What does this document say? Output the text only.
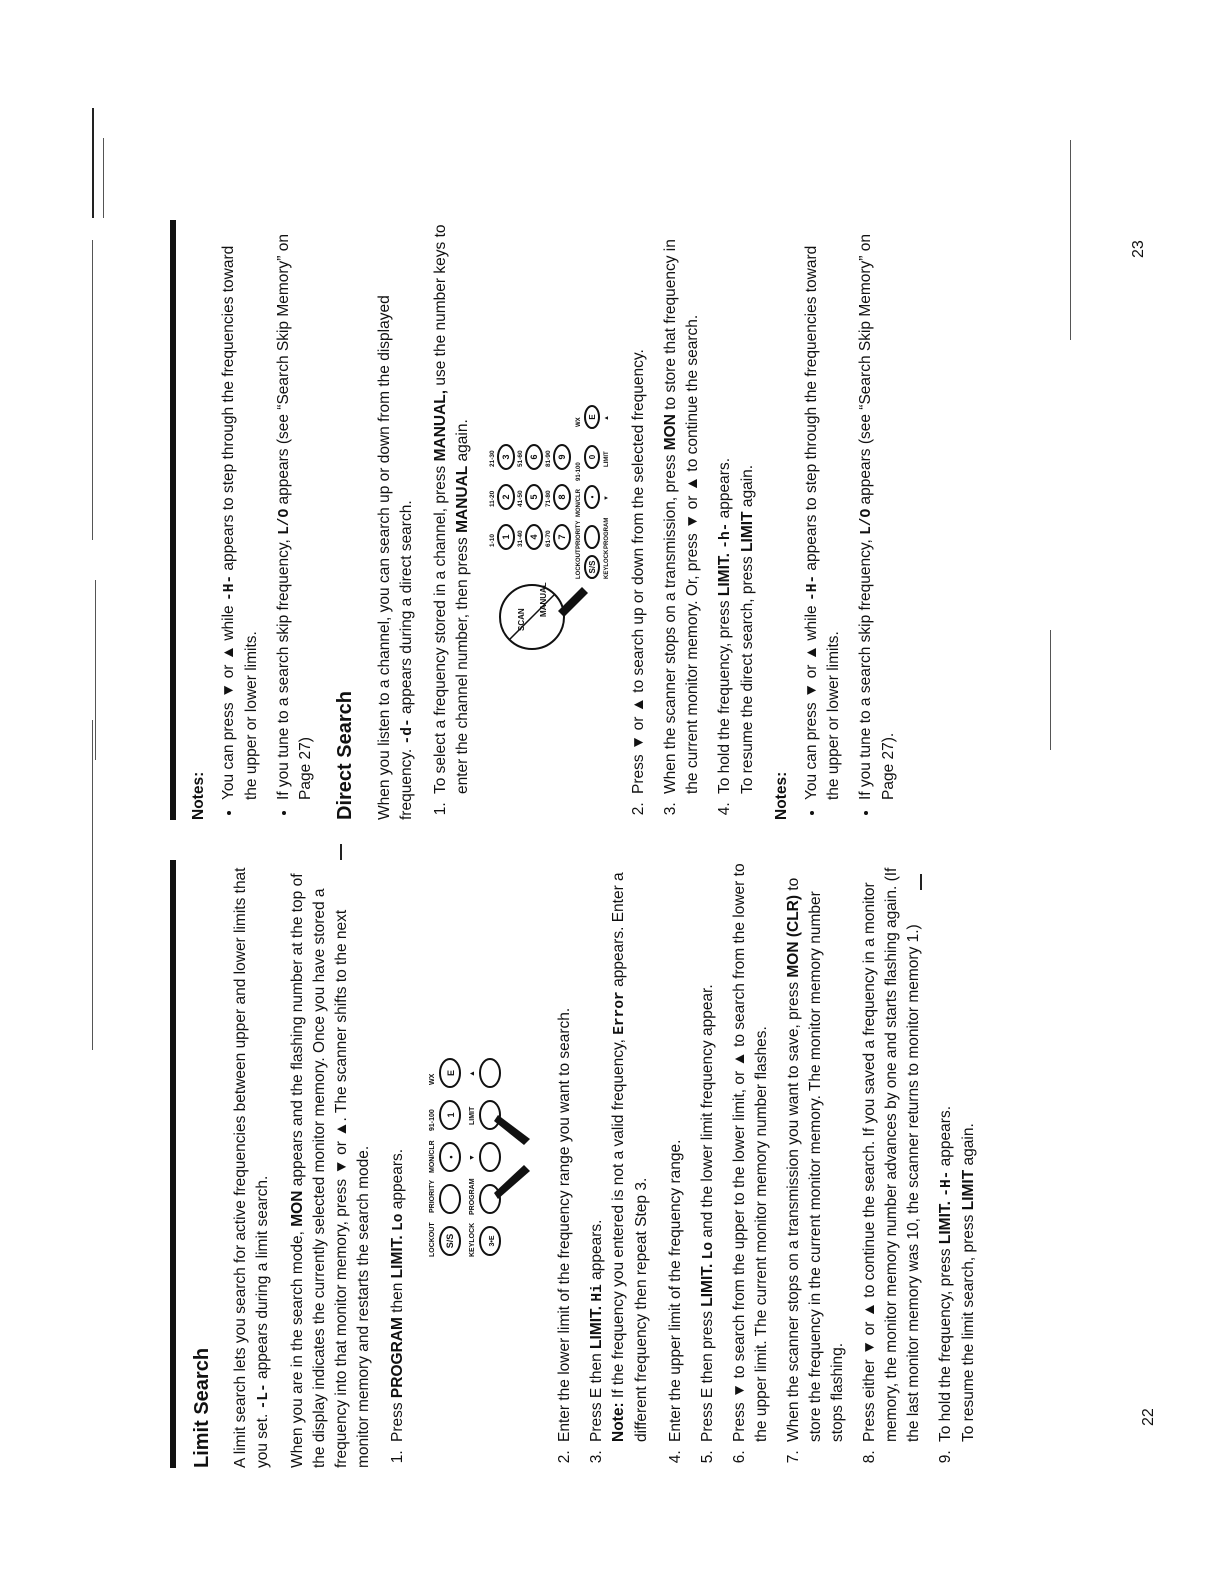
Limit Search A limit search lets you search for active frequencies between upper and lower limits that you set. -L- appears during a limit search. When you are in the search mode, MON appears and the flashing number at the top of the display indicates the currently selected monitor memory. Once you have stored a frequency into that monitor memory, press ▼ or ▲. The scanner shifts to the next monitor memory and restarts the search mode. 1. Press PROGRAM then LIMIT. Lo appears.
LOCKOUT
PRIORITY
MON/CLR
91-100
WX
S/S
•
1
E
KEYLOCK
PROGRAM
▼
LIMIT
▲
3•E	2. Enter the lower limit of the frequency range you want to search. 3. Press E then LIMIT. Hi appears.

Note: If the frequency you entered is not a valid frequency, Error appears. Enter a different frequency then repeat Step 3. 4. Enter the upper limit of the frequency range. 5. Press E then press LIMIT. Lo and the lower limit frequency appear. 6. Press ▼ to search from the upper to the lower limit, or ▲ to search from the lower to the upper limit. The current monitor memory number flashes. 7. When the scanner stops on a transmission you want to save, press MON (CLR) to store the frequency in the current monitor memory. The monitor memory number stops flashing. 8. Press either ▼ or ▲ to continue the search. If you saved a frequency in a monitor memory, the monitor memory number advances by one and starts flashing again. (If the last monitor memory was 10, the scanner returns to monitor memory 1.) 9. To hold the frequency, press LIMIT. -H- appears.

To resume the limit search, press LIMIT again.

22
Notes: • You can press ▼ or ▲ while -H- appears to step through the frequencies toward the upper or lower limits. • If you tune to a search skip frequency, L/O appears (see “Search Skip Memory” on Page 27) Direct Search When you listen to a channel, you can search up or down from the displayed frequency. -d- appears during a direct search. 1. To select a frequency stored in a channel, press MANUAL, use the number keys to enter the channel number, then press MANUAL again.
SCAN
MANUAL
1-10
11-20
21-30
31-40
41-50
51-60
61-70
71-80
81-90
1
2
3
4
5
6
7
8
9
LOCKOUT
PRIORITY
MON/CLR
91-100
WX
S/S
•
0
E
KEYLOCK
PROGRAM
▼
LIMIT
▲ 2. Press ▼ or ▲ to search up or down from the selected frequency. 3. When the scanner stops on a transmission, press MON to store that frequency in the current monitor memory. Or, press ▼ or ▲ to continue the search. 4. To hold the frequency, press LIMIT. -h- appears.

To resume the direct search, press LIMIT again.

Notes: • You can press ▼ or ▲ while -H- appears to step through the frequencies toward the upper or lower limits. • If you tune to a search skip frequency, L/O appears (see “Search Skip Memory” on Page 27).
23
